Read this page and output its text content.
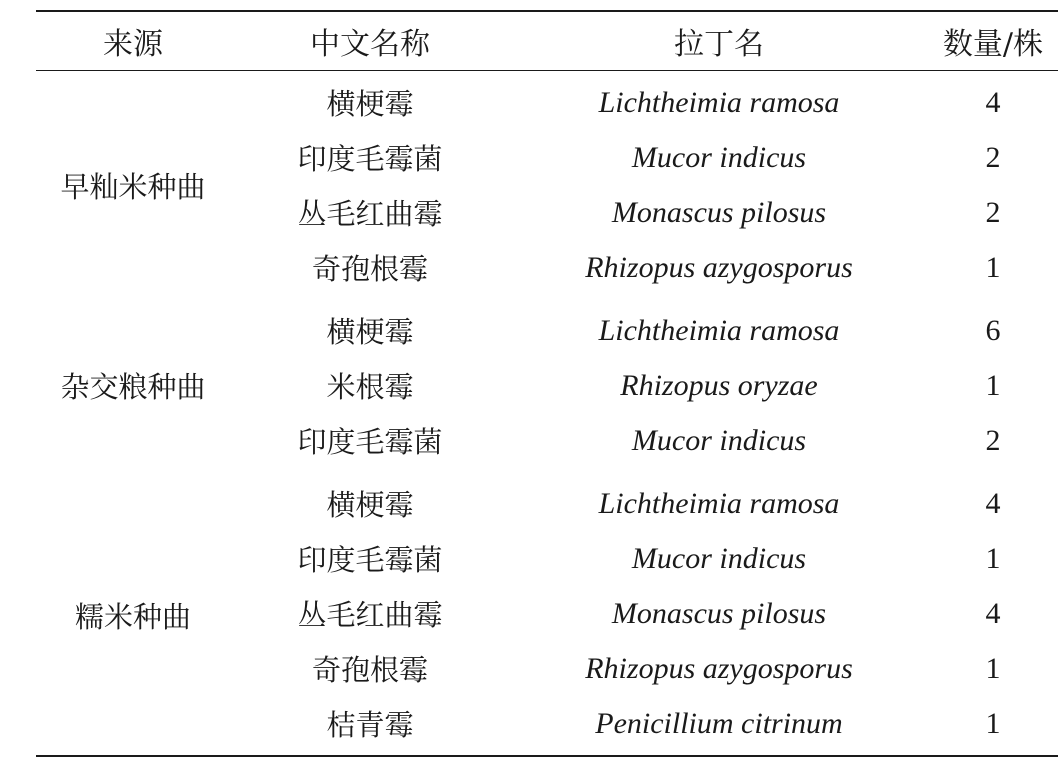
来源	中文名称	拉丁名	数量/株
早籼米种曲	横梗霉	Lichtheimia ramosa	4
	印度毛霉菌	Mucor indicus	2
	丛毛红曲霉	Monascus pilosus	2
	奇孢根霉	Rhizopus azygosporus	1
杂交粮种曲	横梗霉	Lichtheimia ramosa	6
	米根霉	Rhizopus oryzae	1
	印度毛霉菌	Mucor indicus	2
糯米种曲	横梗霉	Lichtheimia ramosa	4
	印度毛霉菌	Mucor indicus	1
	丛毛红曲霉	Monascus pilosus	4
	奇孢根霉	Rhizopus azygosporus	1
	桔青霉	Penicillium citrinum	1
